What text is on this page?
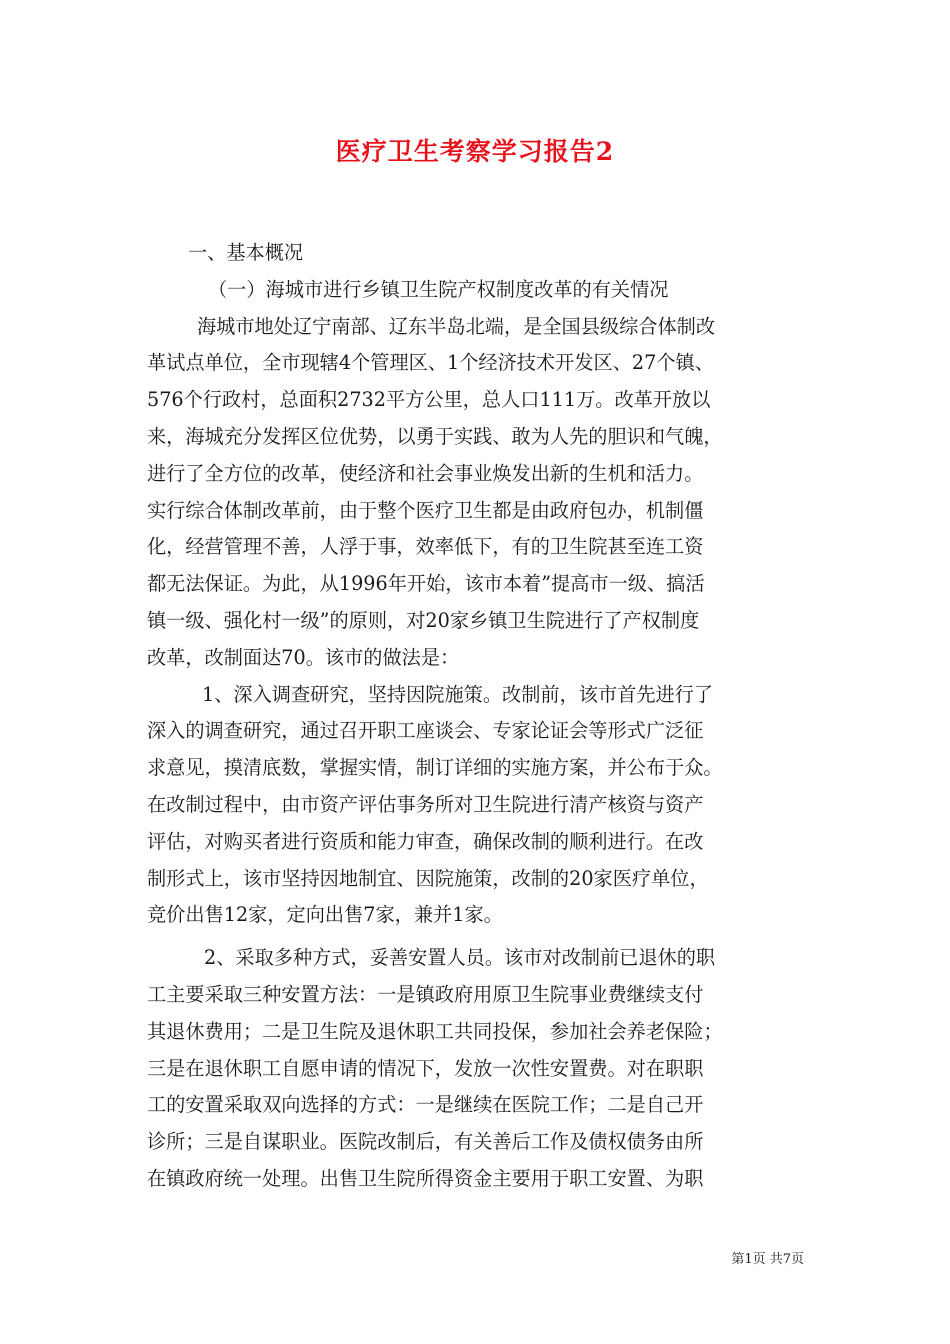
医疗卫生考察学习报告2
一、基本概况
（一）海城市进行乡镇卫生院产权制度改革的有关情况
海城市地处辽宁南部、辽东半岛北端，是全国县级综合体制改
革试点单位，全市现辖4个管理区、1个经济技术开发区、27个镇、
576个行政村，总面积2732平方公里，总人口111万。改革开放以
来，海城充分发挥区位优势，以勇于实践、敢为人先的胆识和气魄，
进行了全方位的改革，使经济和社会事业焕发出新的生机和活力。
实行综合体制改革前，由于整个医疗卫生都是由政府包办，机制僵
化，经营管理不善，人浮于事，效率低下，有的卫生院甚至连工资
都无法保证。为此，从1996年开始，该市本着”提高市一级、搞活
镇一级、强化村一级”的原则，对20家乡镇卫生院进行了产权制度
改革，改制面达70。该市的做法是：
1、深入调查研究，坚持因院施策。改制前，该市首先进行了
深入的调查研究，通过召开职工座谈会、专家论证会等形式广泛征
求意见，摸清底数，掌握实情，制订详细的实施方案，并公布于众。
在改制过程中，由市资产评估事务所对卫生院进行清产核资与资产
评估，对购买者进行资质和能力审查，确保改制的顺利进行。在改
制形式上，该市坚持因地制宜、因院施策，改制的20家医疗单位，
竞价出售12家，定向出售7家，兼并1家。
2、采取多种方式，妥善安置人员。该市对改制前已退休的职
工主要采取三种安置方法：一是镇政府用原卫生院事业费继续支付
其退休费用；二是卫生院及退休职工共同投保，参加社会养老保险；
三是在退休职工自愿申请的情况下，发放一次性安置费。对在职职
工的安置采取双向选择的方式：一是继续在医院工作；二是自己开
诊所；三是自谋职业。医院改制后，有关善后工作及债权债务由所
在镇政府统一处理。出售卫生院所得资金主要用于职工安置、为职
第1页 共7页
